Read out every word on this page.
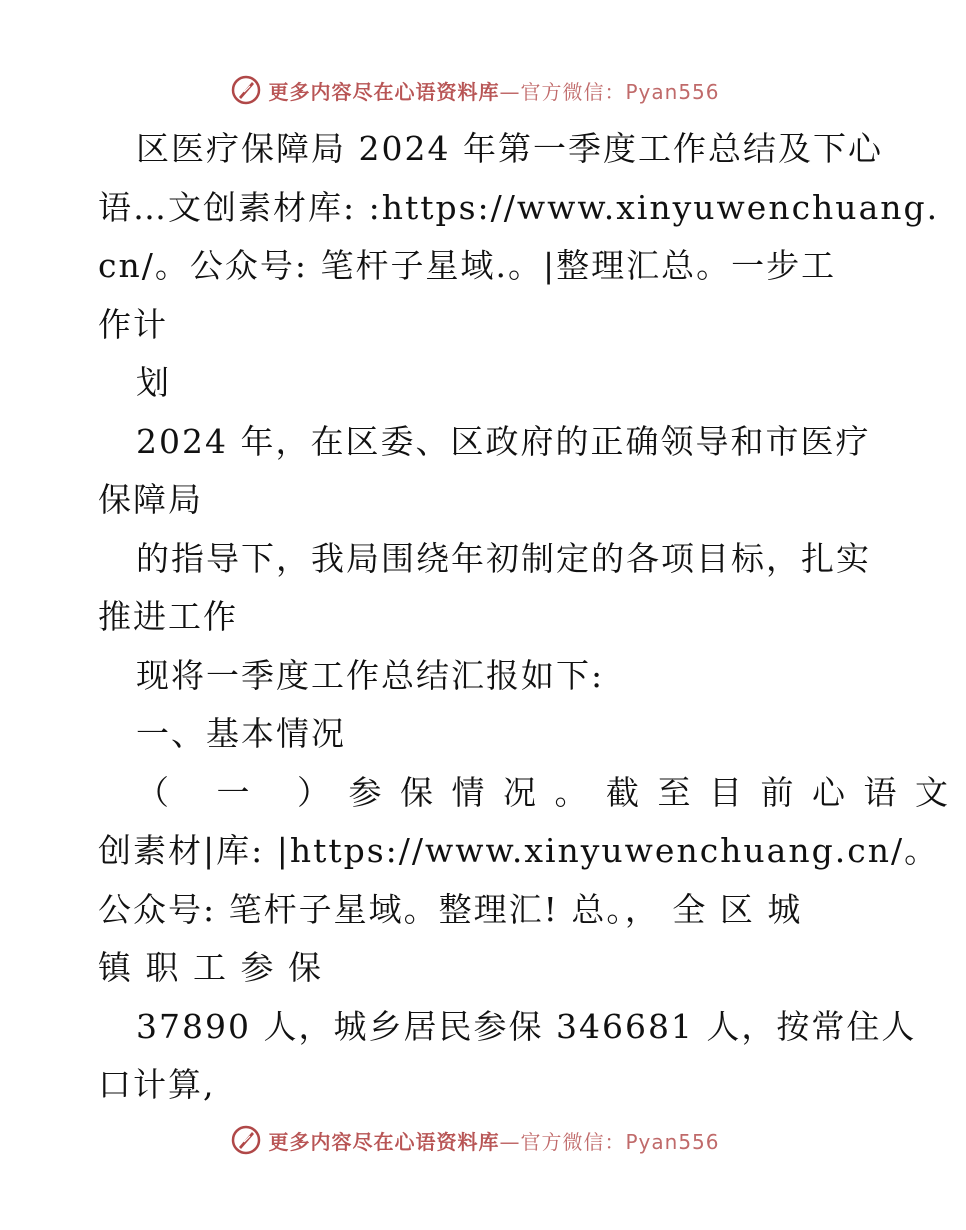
更多内容尽在心语资料库—官方微信：Pyan556
区医疗保障局 2024 年第一季度工作总结及下心
语…文创素材库: :https://www.xinyuwenchuang.
cn/。公众号: 笔杆子星域.。|整理汇总。一步工
作计
划
2024 年，在区委、区政府的正确领导和市医疗
保障局
的指导下，我局围绕年初制定的各项目标，扎实
推进工作
现将一季度工作总结汇报如下:
一、基本情况
（ 一 ）参保情况。截至目前心语文
创素材|库: |https://www.xinyuwenchuang.cn/。
公众号: 笔杆子星域。整理汇! 总。， 全 区 城
镇 职 工 参 保
37890 人，城乡居民参保 346681 人，按常住人
口计算,
更多内容尽在心语资料库—官方微信：Pyan556
